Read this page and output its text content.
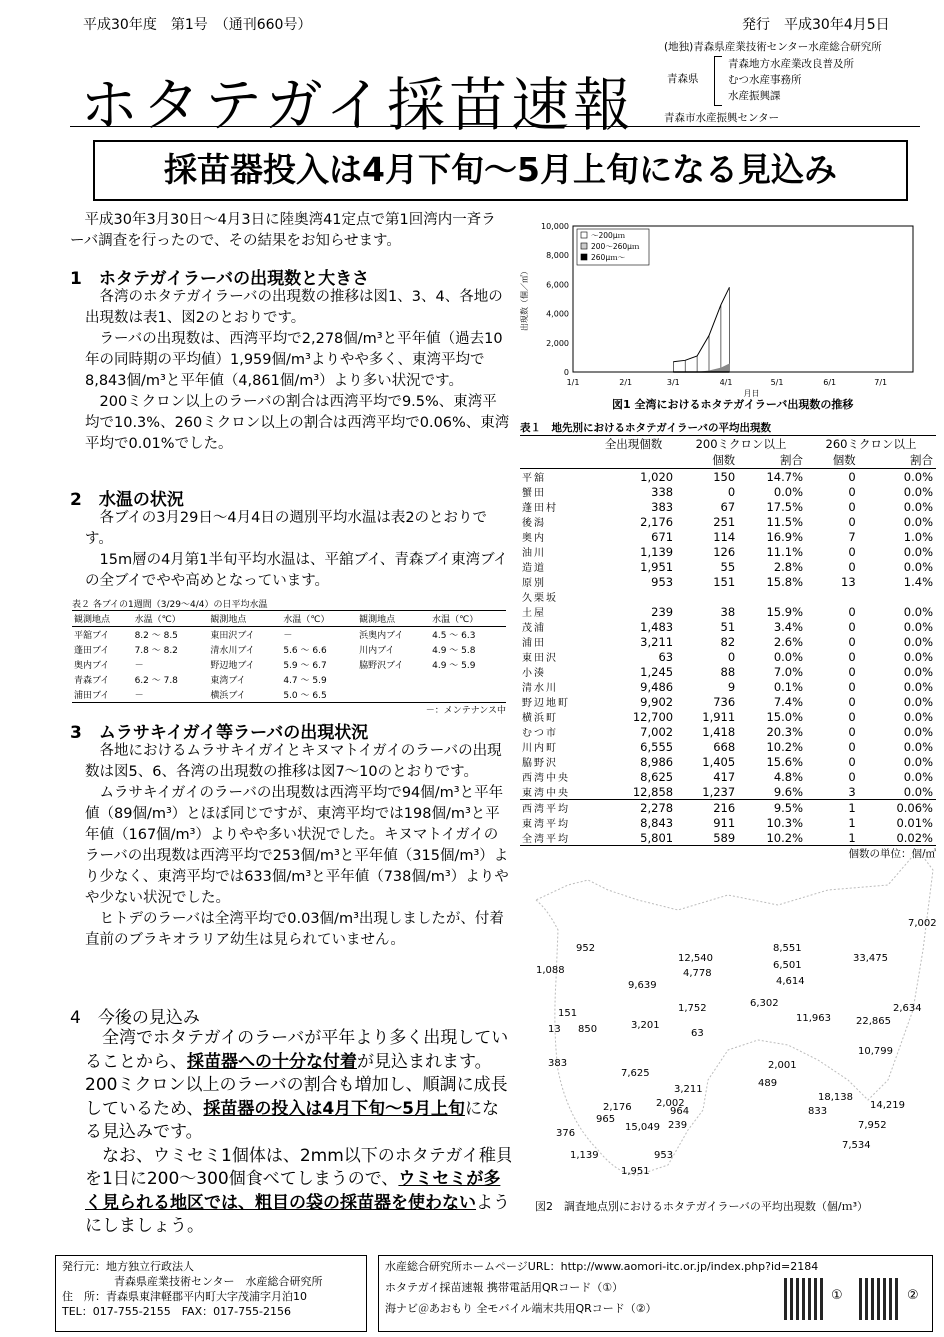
平成30年度　第1号　（通刊660号）	発行　平成30年4月5日
ホタテガイ採苗速報
(地独)青森県産業技術センター水産総合研究所
青森県
青森地方水産業改良普及所
むつ水産事務所
水産振興課
青森市水産振興センター
採苗器投入は4月下旬～5月上旬になる見込み

平成30年3月30日～4月3日に陸奥湾41定点で第1回湾内一斉ラーバ調査を行ったので、その結果をお知らせます。

1　ホタテガイラーバの出現数と大きさ

各湾のホタテガイラーバの出現数の推移は図1、3、4、各地の出現数は表1、図2のとおりです。

ラーバの出現数は、西湾平均で2,278個/m³と平年値（過去10年の同時期の平均値）1,959個/m³よりやや多く、東湾平均で8,843個/m³と平年値（4,861個/m³）より多い状況です。

200ミクロン以上のラーバの割合は西湾平均で9.5%、東湾平均で10.3%、260ミクロン以上の割合は西湾平均で0.06%、東湾平均で0.01%でした。

2　水温の状況

各ブイの3月29日～4月4日の週別平均水温は表2のとおりです。

15m層の4月第1半旬平均水温は、平舘ブイ、青森ブイ東湾ブイの全ブイでやや高めとなっています。

表２ 各ブイの1週間（3/29～4/4）の日平均水温
観測地点	水温（℃）	観測地点	水温（℃）	観測地点	水温（℃）
平舘ブイ	8.2 ～ 8.5	東田沢ブイ	－	浜奥内ブイ	4.5 ～ 6.3
蓬田ブイ	7.8 ～ 8.2	清水川ブイ	5.6 ～ 6.6	川内ブイ	4.9 ～ 5.8
奥内ブイ	－	野辺地ブイ	5.9 ～ 6.7	脇野沢ブイ	4.9 ～ 5.9
青森ブイ	6.2 ～ 7.8	東湾ブイ	4.7 ～ 5.9		
浦田ブイ	－	横浜ブイ	5.0 ～ 6.5		
－：メンテナンス中
3　ムラサキイガイ等ラーバの出現状況

各地におけるムラサキイガイとキヌマトイガイのラーバの出現数は図5、6、各湾の出現数の推移は図7～10のとおりです。

ムラサキイガイのラーバの出現数は西湾平均で94個/m³と平年値（89個/m³）とほぼ同じですが、東湾平均では198個/m³と平年値（167個/m³）よりやや多い状況でした。キヌマトイガイのラーバの出現数は西湾平均で253個/m³と平年値（315個/m³）より少なく、東湾平均では633個/m³と平年値（738個/m³）よりやや少ない状況でした。

ヒトデのラーバは全湾平均で0.03個/m³出現しましたが、付着直前のブラキオラリア幼生は見られていません。

4　今後の見込み

全湾でホタテガイのラーバが平年より多く出現していることから、採苗器への十分な付着が見込まれます。200ミクロン以上のラーバの割合も増加し、順調に成長しているため、採苗器の投入は4月下旬～5月上旬になる見込みです。

なお、ウミセミ1個体は、2mm以下のホタテガイ稚貝を1日に200～300個食べてしまうので、ウミセミが多く見られる地区では、粗目の袋の採苗器を使わないようにしましょう。

10,000
8,000
6,000
4,000
2,000
0
1/1	2/1	3/1	4/1	5/1	6/1	7/1
月日
出現数（個／㎥）
～200μｍ
200～260μｍ
260μｍ～
図1 全湾におけるホタテガイラーバ出現数の推移
表１　地先別におけるホタテガイラーバの平均出現数
	全出現個数	200ミクロン以上		260ミクロン以上	
		個数	割合	個数	割合
平舘	1,020	150	14.7%	0	0.0%
蟹田	338	0	0.0%	0	0.0%
蓬田村	383	67	17.5%	0	0.0%
後潟	2,176	251	11.5%	0	0.0%
奥内	671	114	16.9%	7	1.0%
油川	1,139	126	11.1%	0	0.0%
造道	1,951	55	2.8%	0	0.0%
原別	953	151	15.8%	13	1.4%
久栗坂					
土屋	239	38	15.9%	0	0.0%
茂浦	1,483	51	3.4%	0	0.0%
浦田	3,211	82	2.6%	0	0.0%
東田沢	63	0	0.0%	0	0.0%
小湊	1,245	88	7.0%	0	0.0%
清水川	9,486	9	0.1%	0	0.0%
野辺地町	9,902	736	7.4%	0	0.0%
横浜町	12,700	1,911	15.0%	0	0.0%
むつ市	7,002	1,418	20.3%	0	0.0%
川内町	6,555	668	10.2%	0	0.0%
脇野沢	8,986	1,405	15.6%	0	0.0%
西湾中央	8,625	417	4.8%	0	0.0%
東湾中央	12,858	1,237	9.6%	3	0.0%
西湾平均	2,278	216	9.5%	1	0.06%
東湾平均	8,843	911	10.3%	1	0.01%
全湾平均	5,801	589	10.2%	1	0.02%
個数の単位：個/㎥
7,002
952	8,551
33,475
12,540
6,501
1,088	4,778
4,614
9,639
6,302	2,634
1,752
151	11,963	22,865
13 850	3,201
63
10,799
383	2,001
7,625
489
3,211
18,138
2,176 2,002
964	833
14,219
965
376
15,049 239	7,952
7,534
1,139	953
1,951
図2　調査地点別におけるホタテガイラーバの平均出現数（個/ｍ³）
発行元：地方独立行政法人
青森県産業技術センター　水産総合研究所
住　所：青森県東津軽郡平内町大字茂浦字月泊10
TEL：017-755-2155　FAX：017-755-2156
水産総合研究所ホームページURL：http://www.aomori-itc.or.jp/index.php?id=2184
ホタテガイ採苗速報 携帯電話用QRコード（①）
海ナビ＠あおもり 全モバイル端末共用QRコード（②）
①	②
